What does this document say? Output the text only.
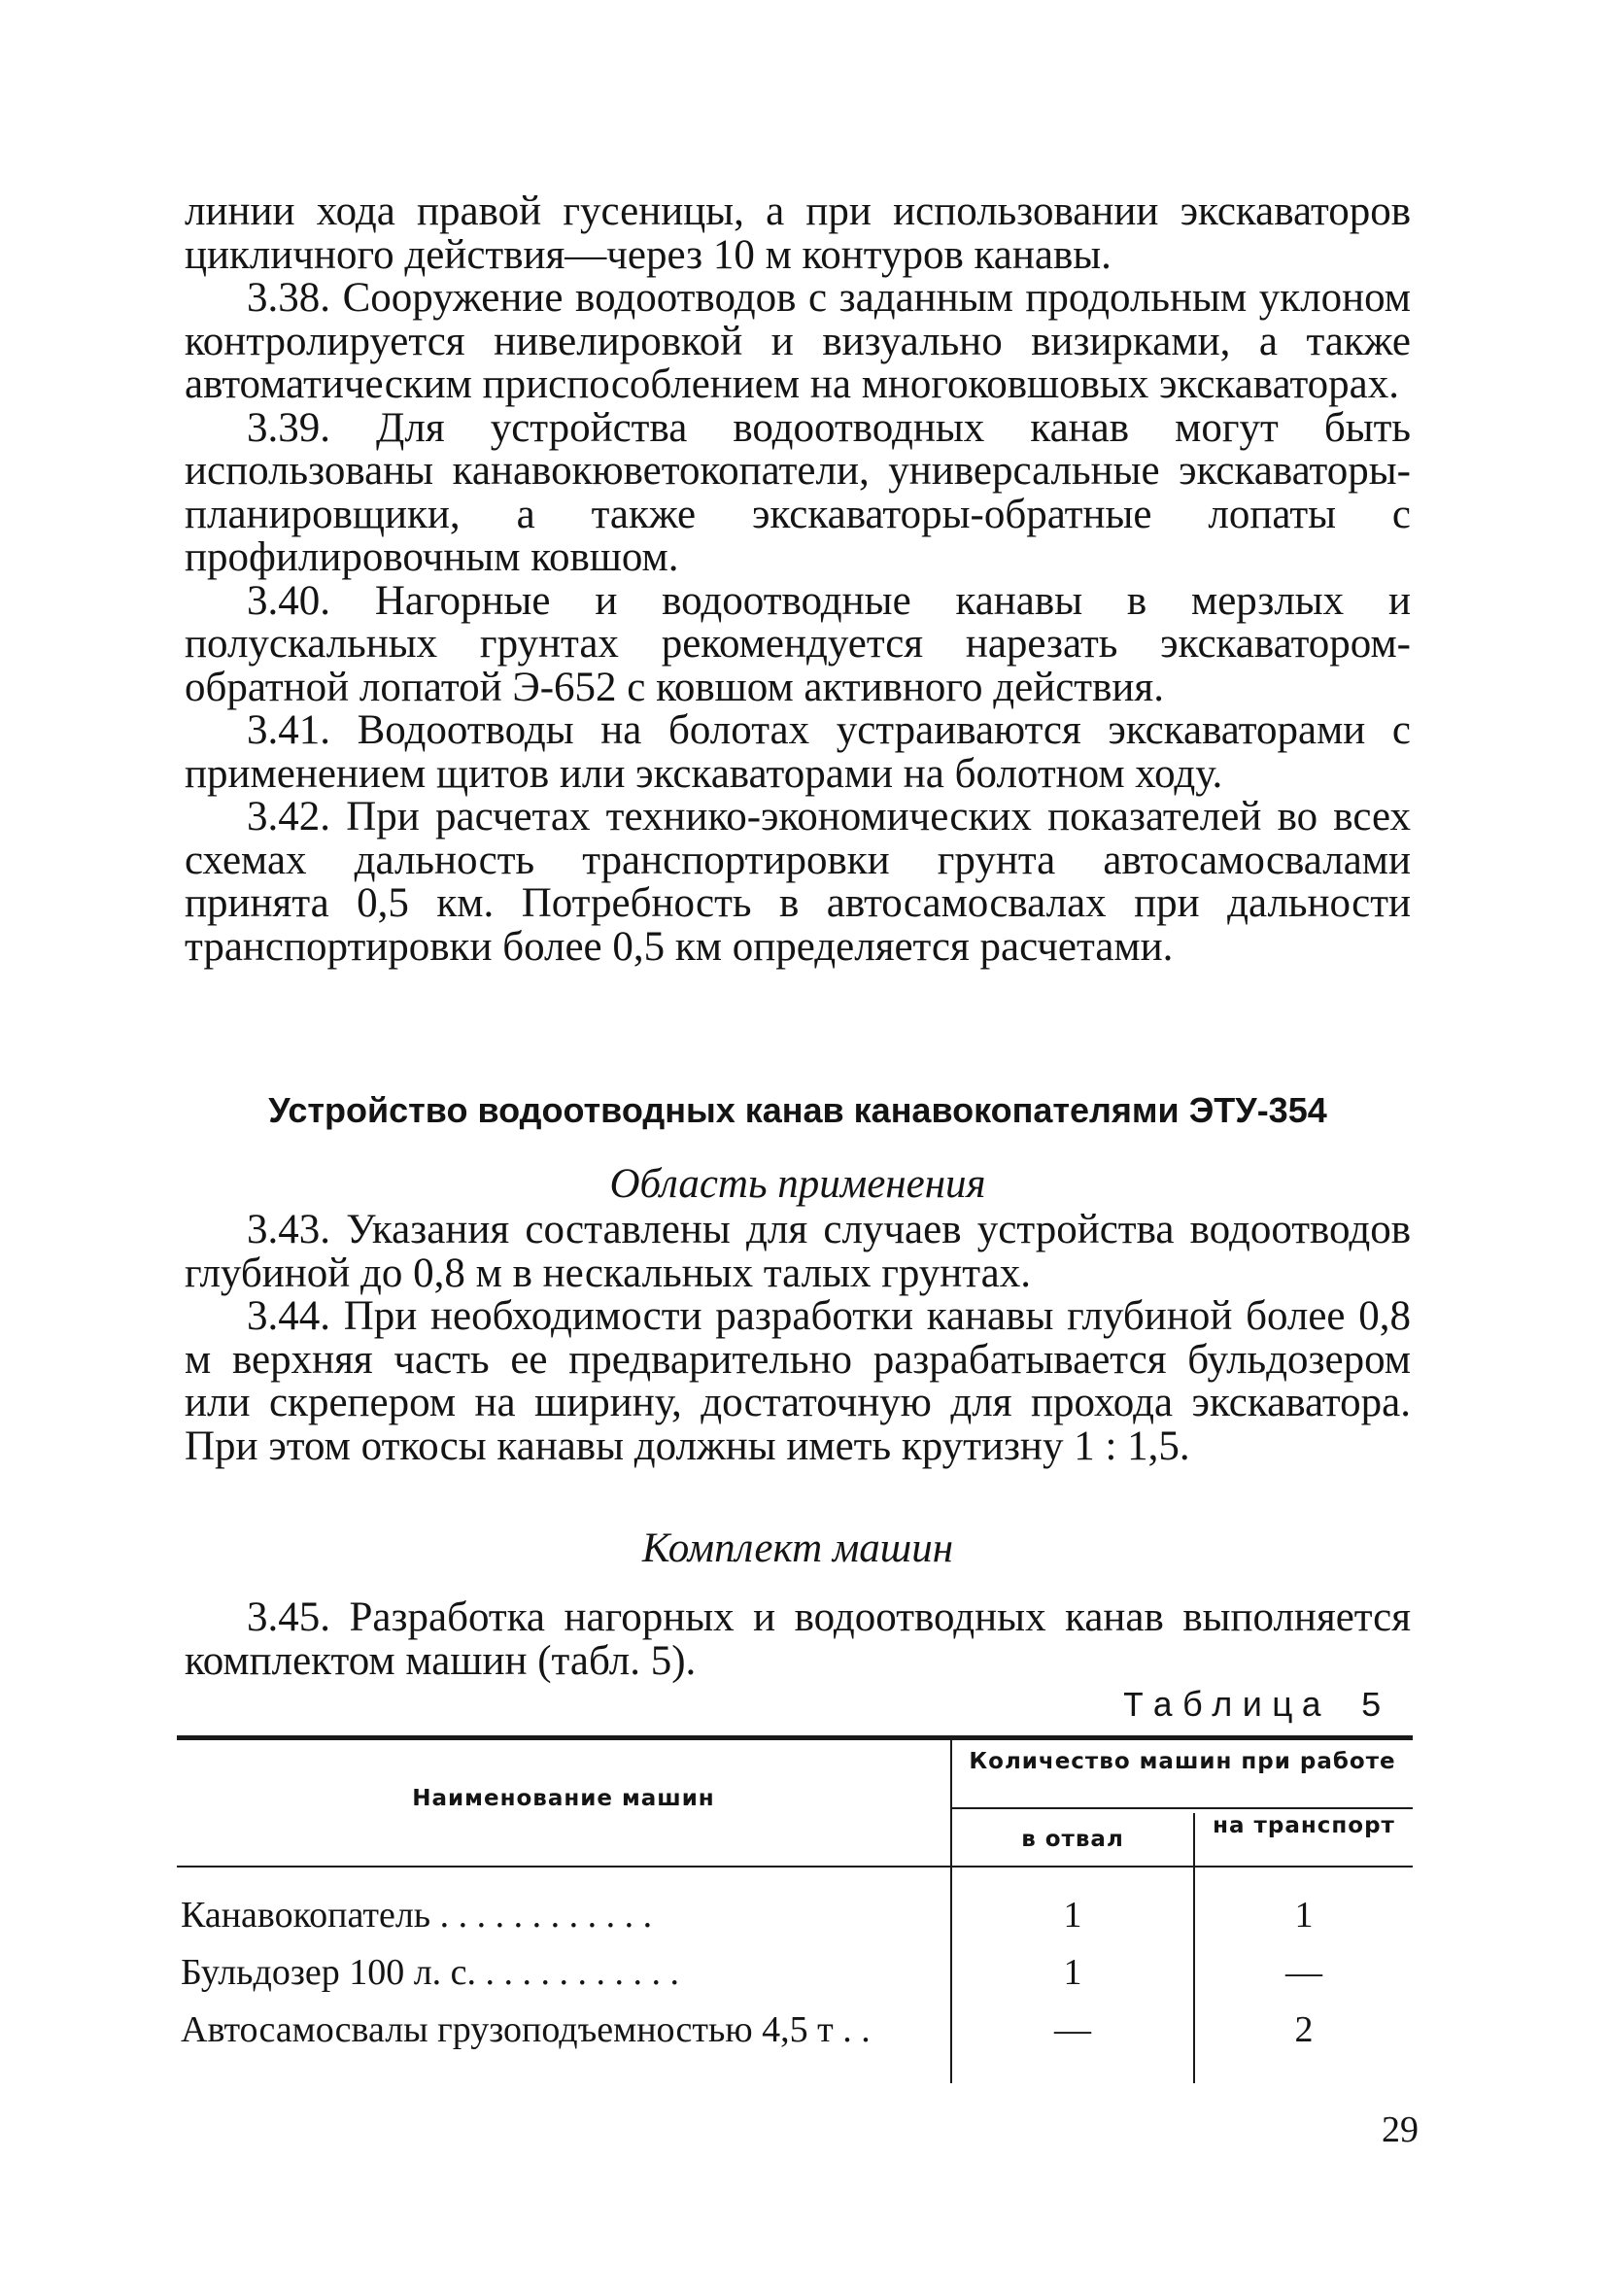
линии хода правой гусеницы, а при использовании экскаваторов цикличного действия—через 10 м контуров канавы.

3.38. Сооружение водоотводов с заданным продольным уклоном контролируется нивелировкой и визуально визирками, а также автоматическим приспособлением на многоковшовых экскаваторах.

3.39. Для устройства водоотводных канав могут быть использованы канавокюветокопатели, универсальные экскаваторы-планировщики, а также экскаваторы-обратные лопаты с профилировочным ковшом.

3.40. Нагорные и водоотводные канавы в мерзлых и полускальных грунтах рекомендуется нарезать экскаватором-обратной лопатой Э-652 с ковшом активного действия.

3.41. Водоотводы на болотах устраиваются экскаваторами с применением щитов или экскаваторами на болотном ходу.

3.42. При расчетах технико-экономических показателей во всех схемах дальность транспортировки грунта автосамосвалами принята 0,5 км. Потребность в автосамосвалах при дальности транспортировки более 0,5 км определяется расчетами.

Устройство водоотводных канав канавокопателями ЭТУ-354
Область применения

3.43. Указания составлены для случаев устройства водоотводов глубиной до 0,8 м в нескальных талых грунтах.

3.44. При необходимости разработки канавы глубиной более 0,8 м верхняя часть ее предварительно разрабатывается бульдозером или скрепером на ширину, достаточную для прохода экскаватора. При этом откосы канавы должны иметь крутизну 1 : 1,5.

Комплект машин

3.45. Разработка нагорных и водоотводных канав выполняется комплектом машин (табл. 5).

Таблица 5
Наименование машин
Количество машин при работе
в отвал
на транспорт
Канавокопатель . . . . . . . . . . . .	1	1
Бульдозер 100 л. с. . . . . . . . . . . .	1	—
Автосамосвалы грузоподъемностью 4,5 т . .	—	2
29
